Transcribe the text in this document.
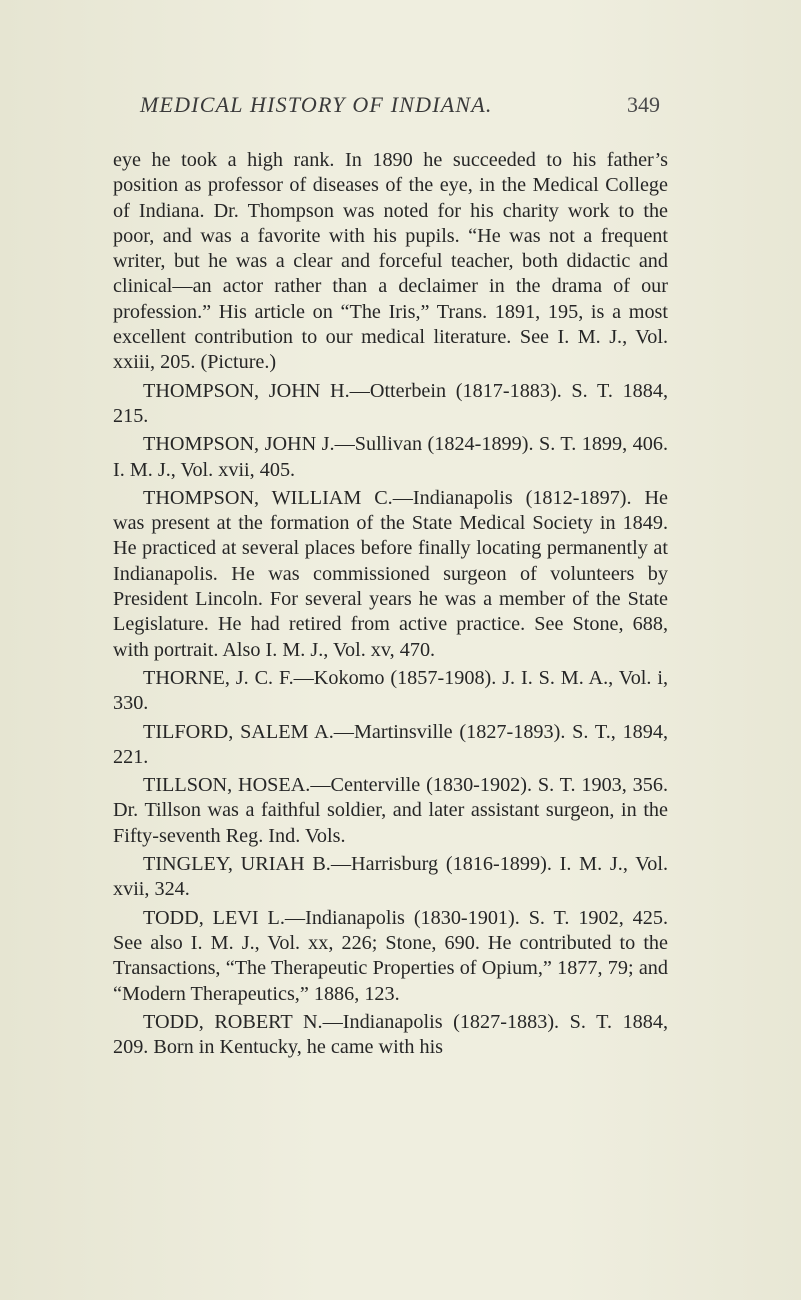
MEDICAL HISTORY OF INDIANA.	349

eye he took a high rank. In 1890 he succeeded to his father’s position as professor of diseases of the eye, in the Medical College of Indiana. Dr. Thompson was noted for his charity work to the poor, and was a favorite with his pupils. “He was not a frequent writer, but he was a clear and forceful teacher, both didactic and clinical—an actor rather than a declaimer in the drama of our profession.” His article on “The Iris,” Trans. 1891, 195, is a most excellent contribution to our medical literature. See I. M. J., Vol. xxiii, 205. (Picture.)

THOMPSON, JOHN H.—Otterbein (1817-1883). S. T. 1884, 215.

THOMPSON, JOHN J.—Sullivan (1824-1899). S. T. 1899, 406. I. M. J., Vol. xvii, 405.

THOMPSON, WILLIAM C.—Indianapolis (1812-1897). He was present at the formation of the State Medical Society in 1849. He practiced at several places before finally locating permanently at Indianapolis. He was commissioned surgeon of volunteers by President Lincoln. For several years he was a member of the State Legislature. He had retired from active practice. See Stone, 688, with portrait. Also I. M. J., Vol. xv, 470.

THORNE, J. C. F.—Kokomo (1857-1908). J. I. S. M. A., Vol. i, 330.

TILFORD, SALEM A.—Martinsville (1827-1893). S. T., 1894, 221.

TILLSON, HOSEA.—Centerville (1830-1902). S. T. 1903, 356. Dr. Tillson was a faithful soldier, and later assistant surgeon, in the Fifty-seventh Reg. Ind. Vols.

TINGLEY, URIAH B.—Harrisburg (1816-1899). I. M. J., Vol. xvii, 324.

TODD, LEVI L.—Indianapolis (1830-1901). S. T. 1902, 425. See also I. M. J., Vol. xx, 226; Stone, 690. He contributed to the Transactions, “The Therapeutic Properties of Opium,” 1877, 79; and “Modern Therapeutics,” 1886, 123.

TODD, ROBERT N.—Indianapolis (1827-1883). S. T. 1884, 209. Born in Kentucky, he came with his
